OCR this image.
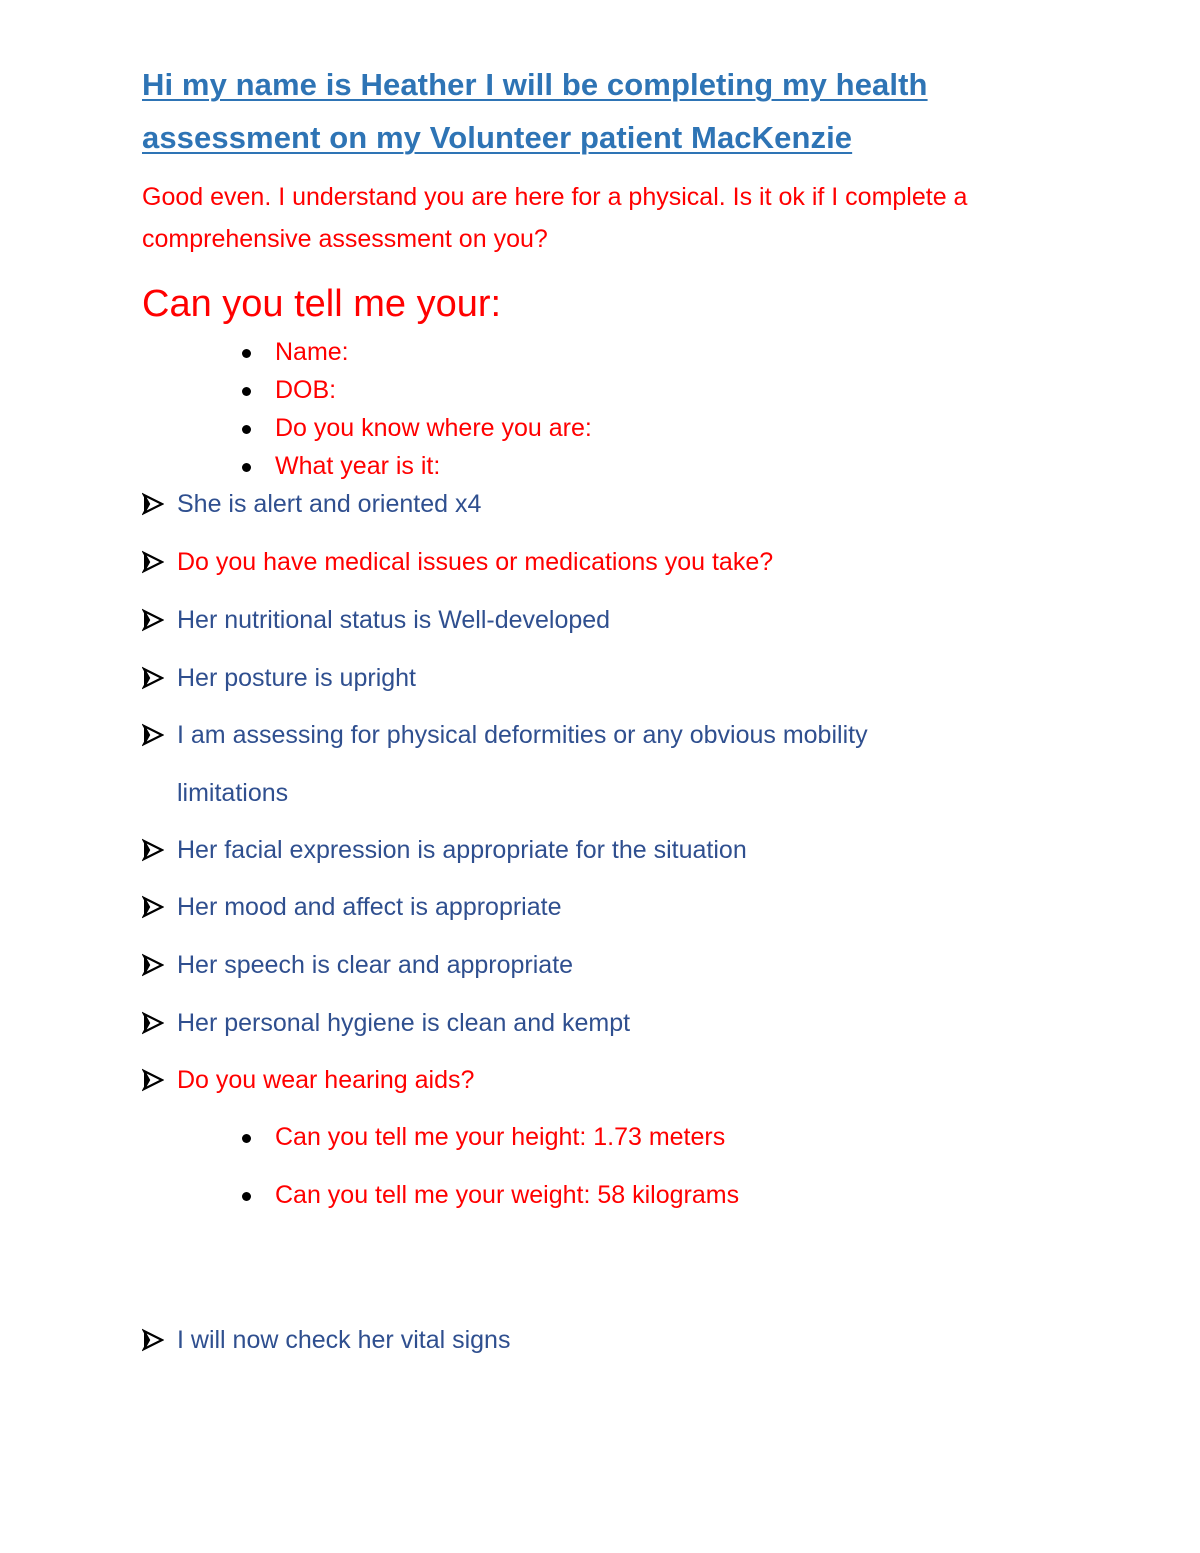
Hi my name is Heather I will be completing my health assessment on my Volunteer patient MacKenzie
Good even. I understand you are here for a physical. Is it ok if I complete a comprehensive assessment on you?
Can you tell me your:
Name:
DOB:
Do you know where you are:
What year is it:
She is alert and oriented x4
Do you have medical issues or medications you take?
Her nutritional status is Well-developed
Her posture is upright
I am assessing for physical deformities or any obvious mobility
limitations
Her facial expression is appropriate for the situation
Her mood and affect is appropriate
Her speech is clear and appropriate
Her personal hygiene is clean and kempt
Do you wear hearing aids?
Can you tell me your height: 1.73 meters
Can you tell me your weight: 58 kilograms
I will now check her vital signs
